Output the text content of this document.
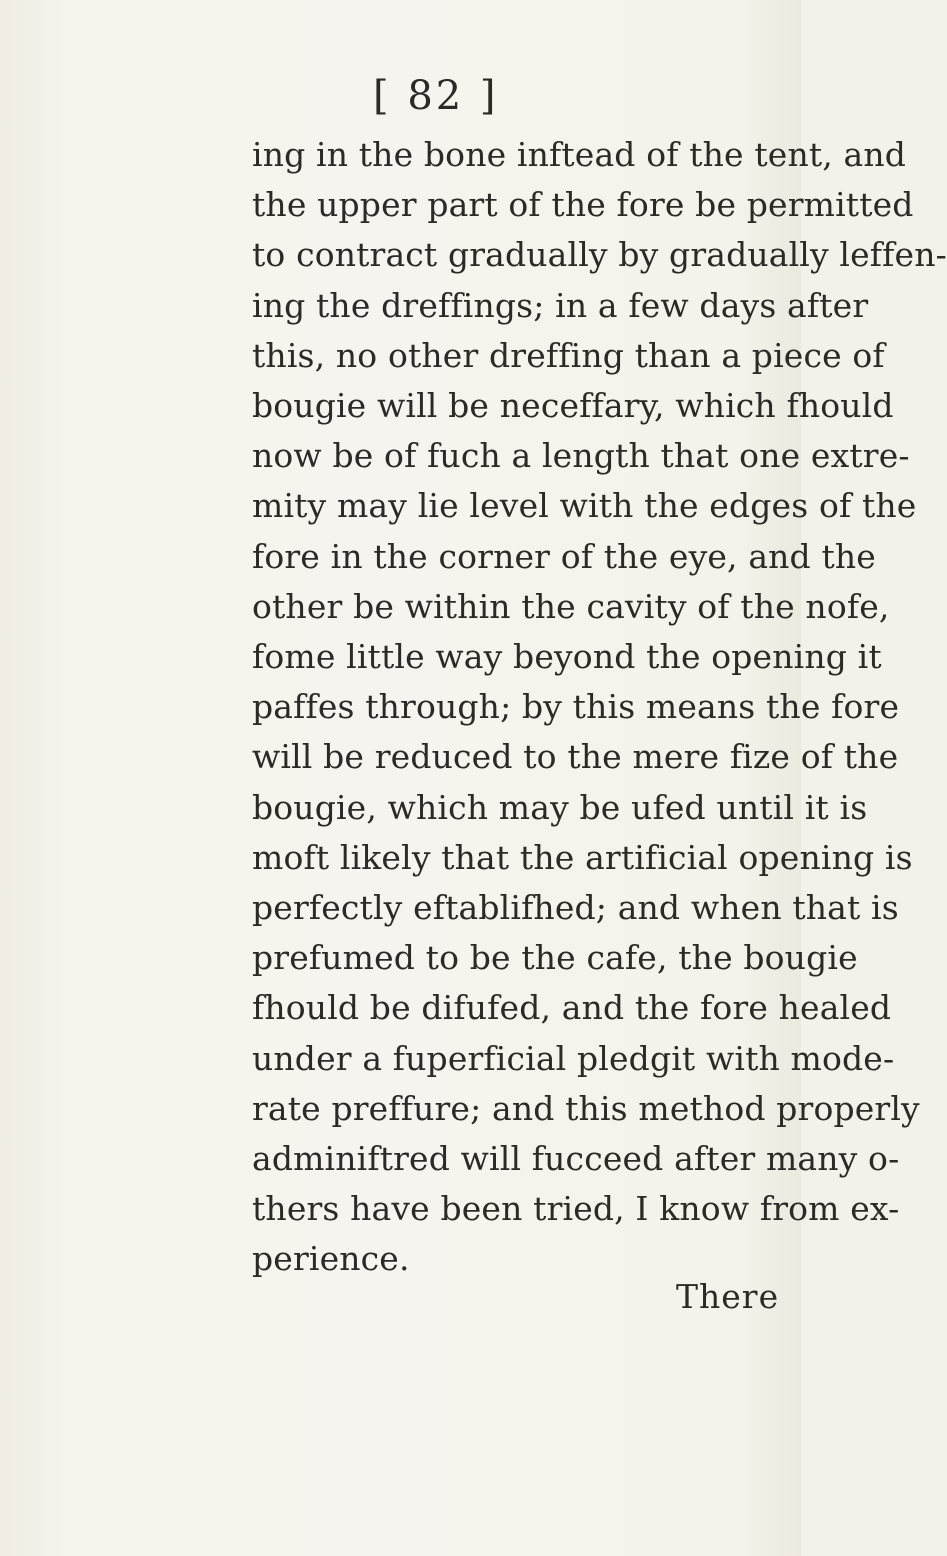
[ 82 ]
ing in the bone inftead of the tent, and
the upper part of the fore be permitted
to contract gradually by gradually leffen-
ing the dreffings; in a few days after
this, no other dreffing than a piece of
bougie will be neceffary, which fhould
now be of fuch a length that one extre-
mity may lie level with the edges of the
fore in the corner of the eye, and the
other be within the cavity of the nofe,
fome little way beyond the opening it
paffes through; by this means the fore
will be reduced to the mere fize of the
bougie, which may be ufed until it is
moft likely that the artificial opening is
perfectly eftablifhed; and when that is
prefumed to be the cafe, the bougie
fhould be difufed, and the fore healed
under a fuperficial pledgit with mode-
rate preffure; and this method properly
adminiftred will fucceed after many o-
thers have been tried, I know from ex-
perience.
There
